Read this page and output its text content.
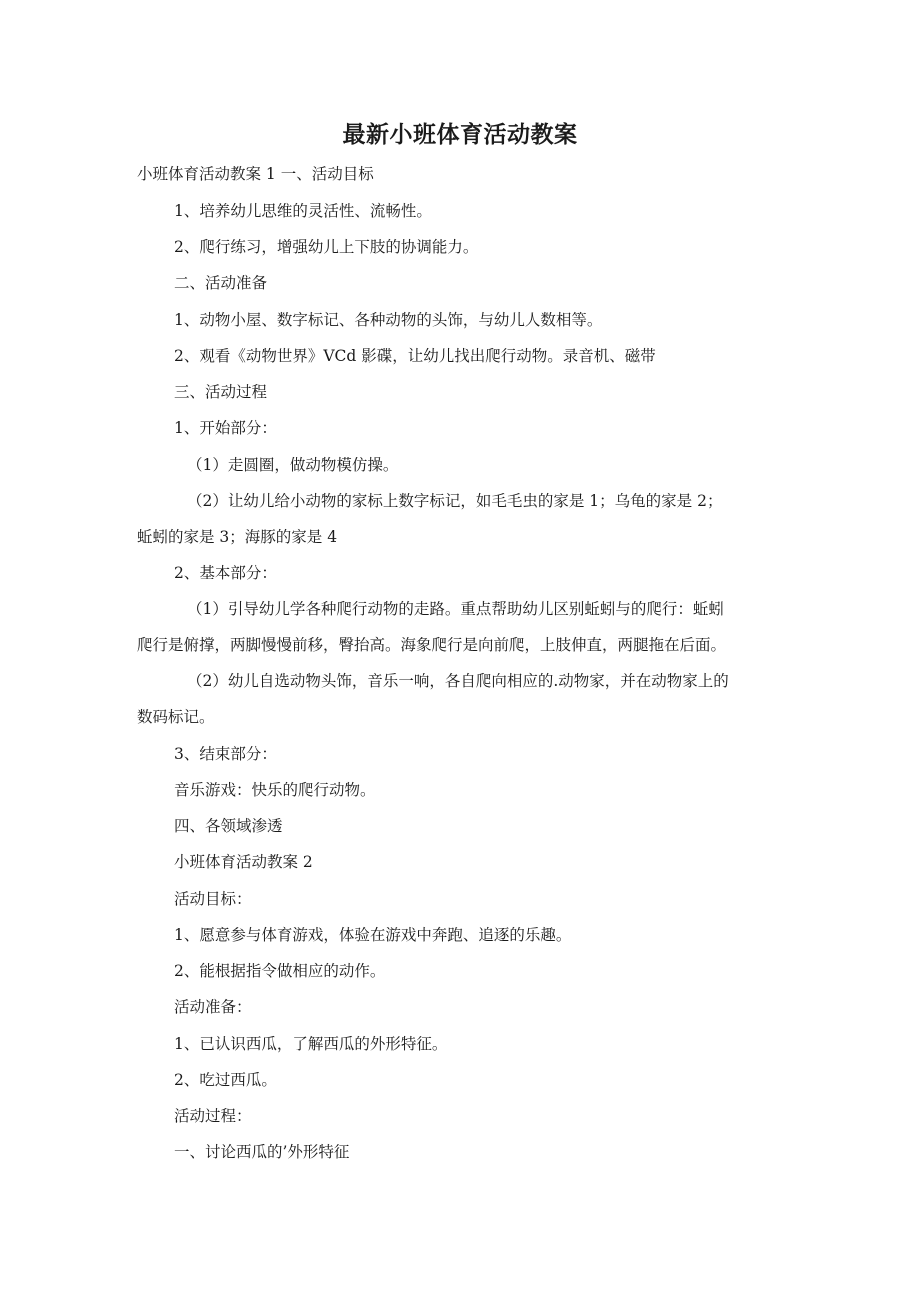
最新小班体育活动教案
小班体育活动教案 1 一、活动目标
1、培养幼儿思维的灵活性、流畅性。
2、爬行练习，增强幼儿上下肢的协调能力。
二、活动准备
1、动物小屋、数字标记、各种动物的头饰，与幼儿人数相等。
2、观看《动物世界》VCd 影碟，让幼儿找出爬行动物。录音机、磁带
三、活动过程
1、开始部分：
（1）走圆圈，做动物模仿操。
（2）让幼儿给小动物的家标上数字标记，如毛毛虫的家是 1；乌龟的家是 2；
蚯蚓的家是 3；海豚的家是 4
2、基本部分：
（1）引导幼儿学各种爬行动物的走路。重点帮助幼儿区别蚯蚓与的爬行：蚯蚓
爬行是俯撑，两脚慢慢前移，臀抬高。海象爬行是向前爬，上肢伸直，两腿拖在后面。
（2）幼儿自选动物头饰，音乐一响，各自爬向相应的.动物家，并在动物家上的
数码标记。
3、结束部分：
音乐游戏：快乐的爬行动物。
四、各领域渗透
小班体育活动教案 2
活动目标：
1、愿意参与体育游戏，体验在游戏中奔跑、追逐的乐趣。
2、能根据指令做相应的动作。
活动准备：
1、已认识西瓜，了解西瓜的外形特征。
2、吃过西瓜。
活动过程：
一、讨论西瓜的’外形特征
